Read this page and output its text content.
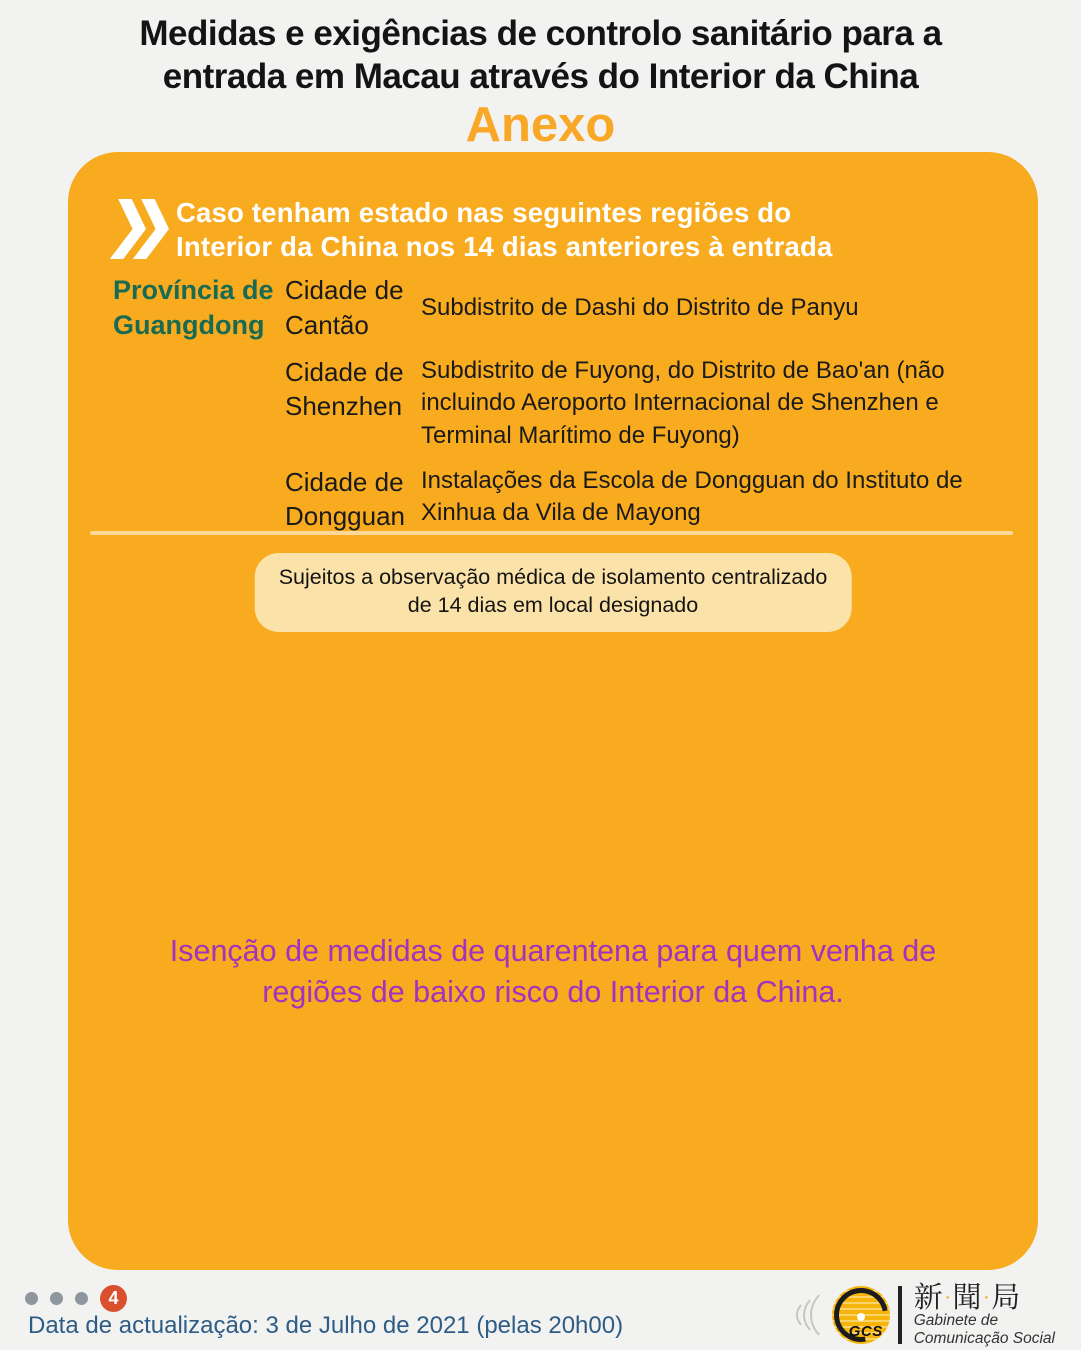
Medidas e exigências de controlo sanitário para a
entrada em Macau através do Interior da China
Anexo
Caso tenham estado nas seguintes regiões do
Interior da China nos 14 dias anteriores à entrada
Província de Guangdong
Cidade de Cantão
Subdistrito de Dashi do Distrito de Panyu
Cidade de Shenzhen
Subdistrito de Fuyong, do Distrito de Bao'an (não incluindo Aeroporto Internacional de Shenzhen e Terminal Marítimo de Fuyong)
Cidade de Dongguan
Instalações da Escola de Dongguan do Instituto de Xinhua da Vila de Mayong
Sujeitos a observação médica de isolamento centralizado
de 14 dias em local designado
Isenção de medidas de quarentena para quem venha de
regiões de baixo risco do Interior da China.
4
Data de actualização: 3 de Julho de 2021 (pelas 20h00)	GCS
新 ‧聞 ‧局
Gabinete de
Comunicação Social
